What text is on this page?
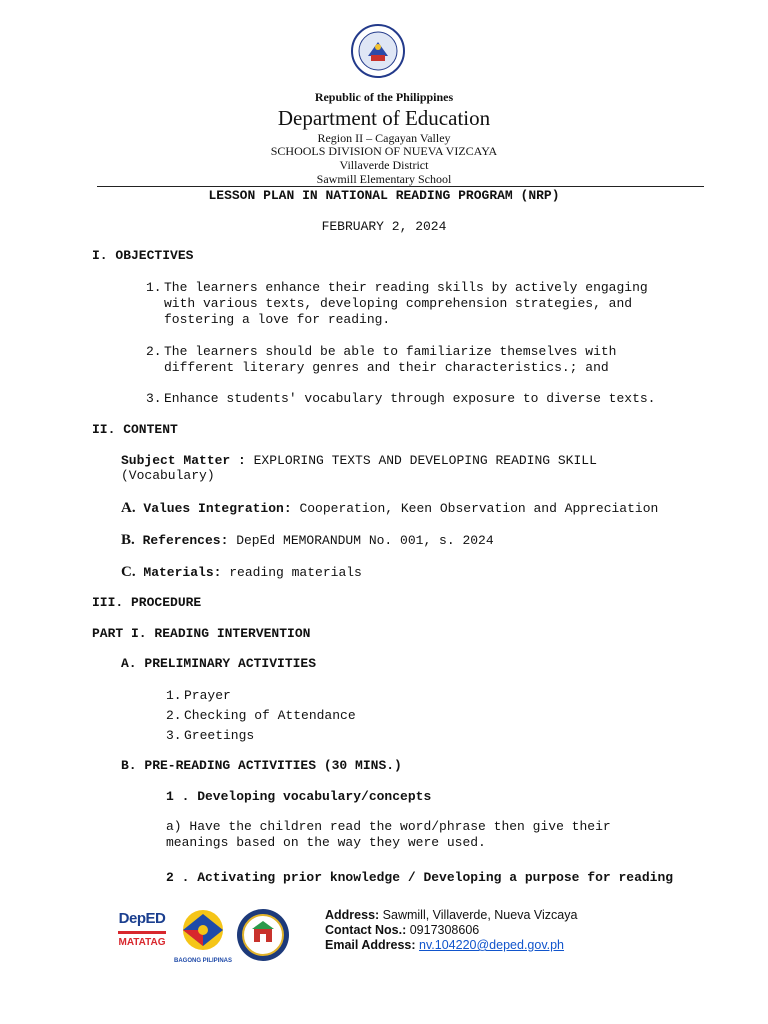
Republic of the Philippines
Department of Education
Region II – Cagayan Valley
SCHOOLS DIVISION OF NUEVA VIZCAYA
Villaverde District
Sawmill Elementary School
LESSON PLAN IN NATIONAL READING PROGRAM (NRP)
FEBRUARY 2, 2024
I. OBJECTIVES
1. The learners enhance their reading skills by actively engaging
with various texts, developing comprehension strategies, and
fostering a love for reading.
2. The learners should be able to familiarize themselves with
different literary genres and their characteristics.; and
3. Enhance students' vocabulary through exposure to diverse texts.
II. CONTENT
Subject Matter : EXPLORING TEXTS AND DEVELOPING READING SKILL
(Vocabulary)
A. Values Integration: Cooperation, Keen Observation and Appreciation
B. References: DepEd MEMORANDUM No. 001, s. 2024
C. Materials: reading materials
III. PROCEDURE
PART I. READING INTERVENTION
A. PRELIMINARY ACTIVITIES
1. Prayer
2. Checking of Attendance
3. Greetings
B. PRE-READING ACTIVITIES (30 MINS.)
1 . Developing vocabulary/concepts
a) Have the children read the word/phrase then give their
meanings based on the way they were used.
2 . Activating prior knowledge / Developing a purpose for reading
DepED
MATATAG
BAGONG PILIPINAS
Address: Sawmill, Villaverde, Nueva Vizcaya
Contact Nos.: 0917308606
Email Address: nv.104220@deped.gov.ph
